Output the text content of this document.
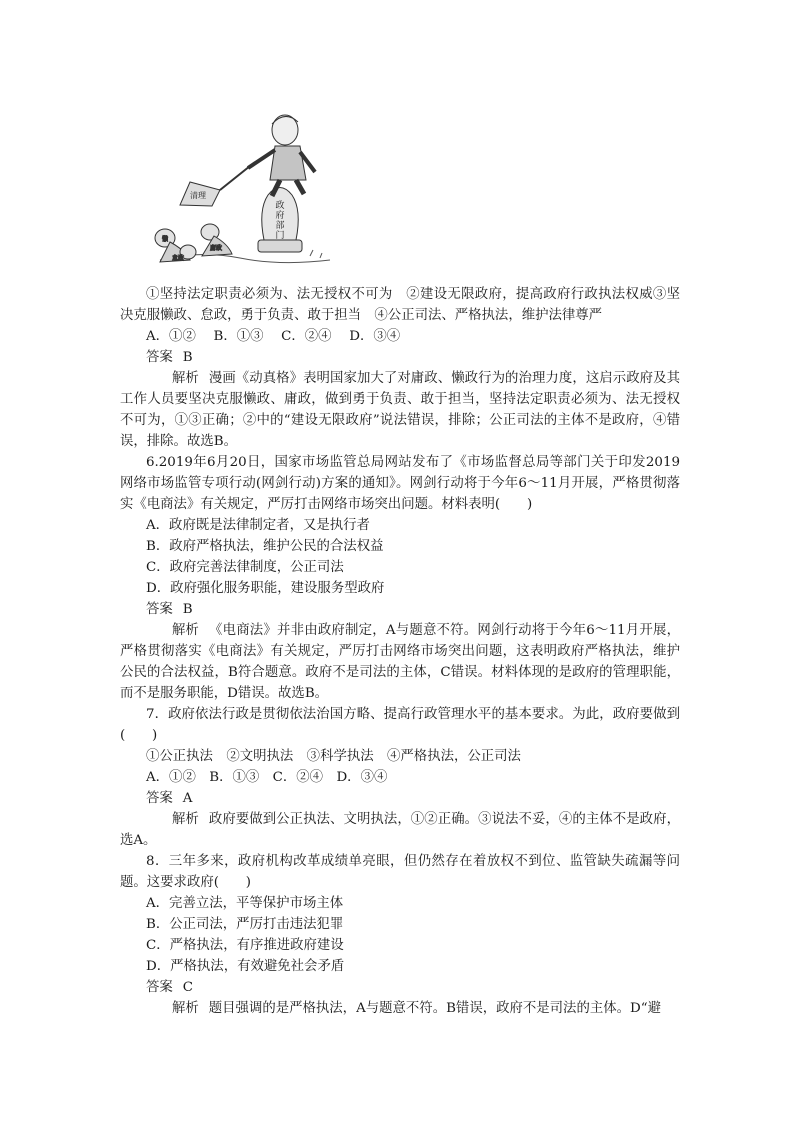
政
府
部
门
清理
懒
怠政
庸政

①坚持法定职责必须为、法无授权不可为　②建设无限政府，提高政府行政执法权威③坚决克服懒政、怠政，勇于负责、敢于担当　④公正司法、严格执法，维护法律尊严

A．①②　 B．①③　 C．②④　 D．③④

答案 B

解析 漫画《动真格》表明国家加大了对庸政、懒政行为的治理力度，这启示政府及其工作人员要坚决克服懒政、庸政，做到勇于负责、敢于担当，坚持法定职责必须为、法无授权不可为，①③正确；②中的“建设无限政府”说法错误，排除；公正司法的主体不是政府，④错误，排除。故选B。

6.2019年6月20日，国家市场监管总局网站发布了《市场监督总局等部门关于印发2019网络市场监管专项行动(网剑行动)方案的通知》。网剑行动将于今年6～11月开展，严格贯彻落实《电商法》有关规定，严厉打击网络市场突出问题。材料表明(　　)

A．政府既是法律制定者，又是执行者

B．政府严格执法，维护公民的合法权益

C．政府完善法律制度，公正司法

D．政府强化服务职能，建设服务型政府

答案 B

解析 《电商法》并非由政府制定，A与题意不符。网剑行动将于今年6～11月开展，严格贯彻落实《电商法》有关规定，严厉打击网络市场突出问题，这表明政府严格执法，维护公民的合法权益，B符合题意。政府不是司法的主体，C错误。材料体现的是政府的管理职能，而不是服务职能，D错误。故选B。

7．政府依法行政是贯彻依法治国方略、提高行政管理水平的基本要求。为此，政府要做到(　　)

①公正执法　②文明执法　③科学执法　④严格执法，公正司法

A．①②　B．①③　C．②④　D．③④

答案 A

解析 政府要做到公正执法、文明执法，①②正确。③说法不妥，④的主体不是政府，选A。

8．三年多来，政府机构改革成绩单亮眼，但仍然存在着放权不到位、监管缺失疏漏等问题。这要求政府(　　)

A．完善立法，平等保护市场主体

B．公正司法，严厉打击违法犯罪

C．严格执法，有序推进政府建设

D．严格执法，有效避免社会矛盾

答案 C

解析 题目强调的是严格执法，A与题意不符。B错误，政府不是司法的主体。D“避
